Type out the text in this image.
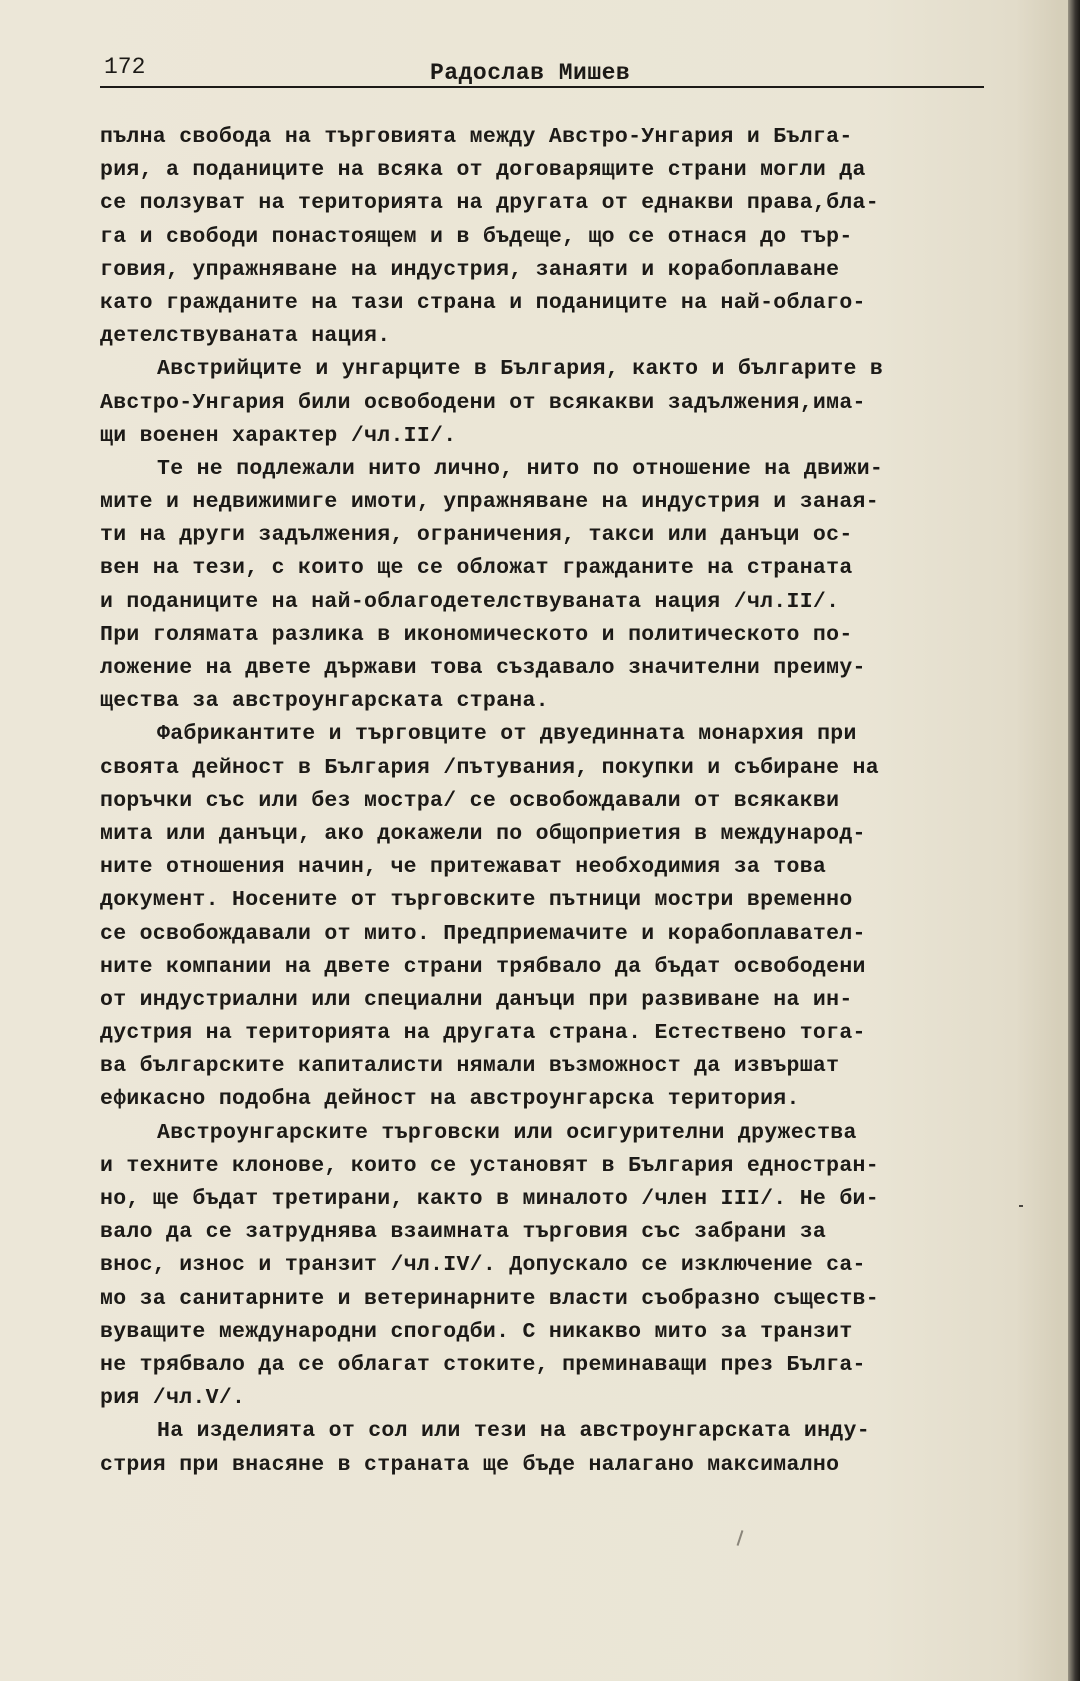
172	Радослав Мишев
пълна свобода на търговията между Австро-Унгария и Бълга-
рия, а поданиците на всяка от договарящите страни могли да
се ползуват на територията на другата от еднакви права,бла-
га и свободи понастоящем и в бъдеще, що се отнася до тър-
говия, упражняване на индустрия, занаяти и корабоплаване
като гражданите на тази страна и поданиците на най-облаго-
детелствуваната нация.
Австрийците и унгарците в България, както и българите в
Австро-Унгария били освободени от всякакви задължения,има-
щи военен характер /чл.II/.
Те не подлежали нито лично, нито по отношение на движи-
мите и недвижимиге имоти, упражняване на индустрия и заная-
ти на други задължения, ограничения, такси или данъци ос-
вен на тези, с които ще се обложат гражданите на страната
и поданиците на най-облагодетелствуваната нация /чл.II/.
При голямата разлика в икономическото и политическото по-
ложение на двете държави това създавало значителни преиму-
щества за австроунгарската страна.
Фабрикантите и търговците от двуединната монархия при
своята дейност в България /пътувания, покупки и събиране на
поръчки със или без мостра/ се освобождавали от всякакви
мита или данъци, ако докажели по общоприетия в международ-
ните отношения начин, че притежават необходимия за това
документ. Носените от търговските пътници мостри временно
се освобождавали от мито. Предприемачите и корабоплавател-
ните компании на двете страни трябвало да бъдат освободени
от индустриални или специални данъци при развиване на ин-
дустрия на територията на другата страна. Естествено тога-
ва българските капиталисти нямали възможност да извършат
ефикасно подобна дейност на австроунгарска територия.
Австроунгарските търговски или осигурителни дружества
и техните клонове, които се установят в България едностран-
но, ще бъдат третирани, както в миналото /член III/. Не би-
вало да се затруднява взаимната търговия със забрани за
внос, износ и транзит /чл.IV/. Допускало се изключение са-
мо за санитарните и ветеринарните власти съобразно съществ-
вуващите международни спогодби. С никакво мито за транзит
не трябвало да се облагат стоките, преминаващи през Бълга-
рия /чл.V/.
На изделията от сол или тези на австроунгарската инду-
стрия при внасяне в страната ще бъде налагано максимално
